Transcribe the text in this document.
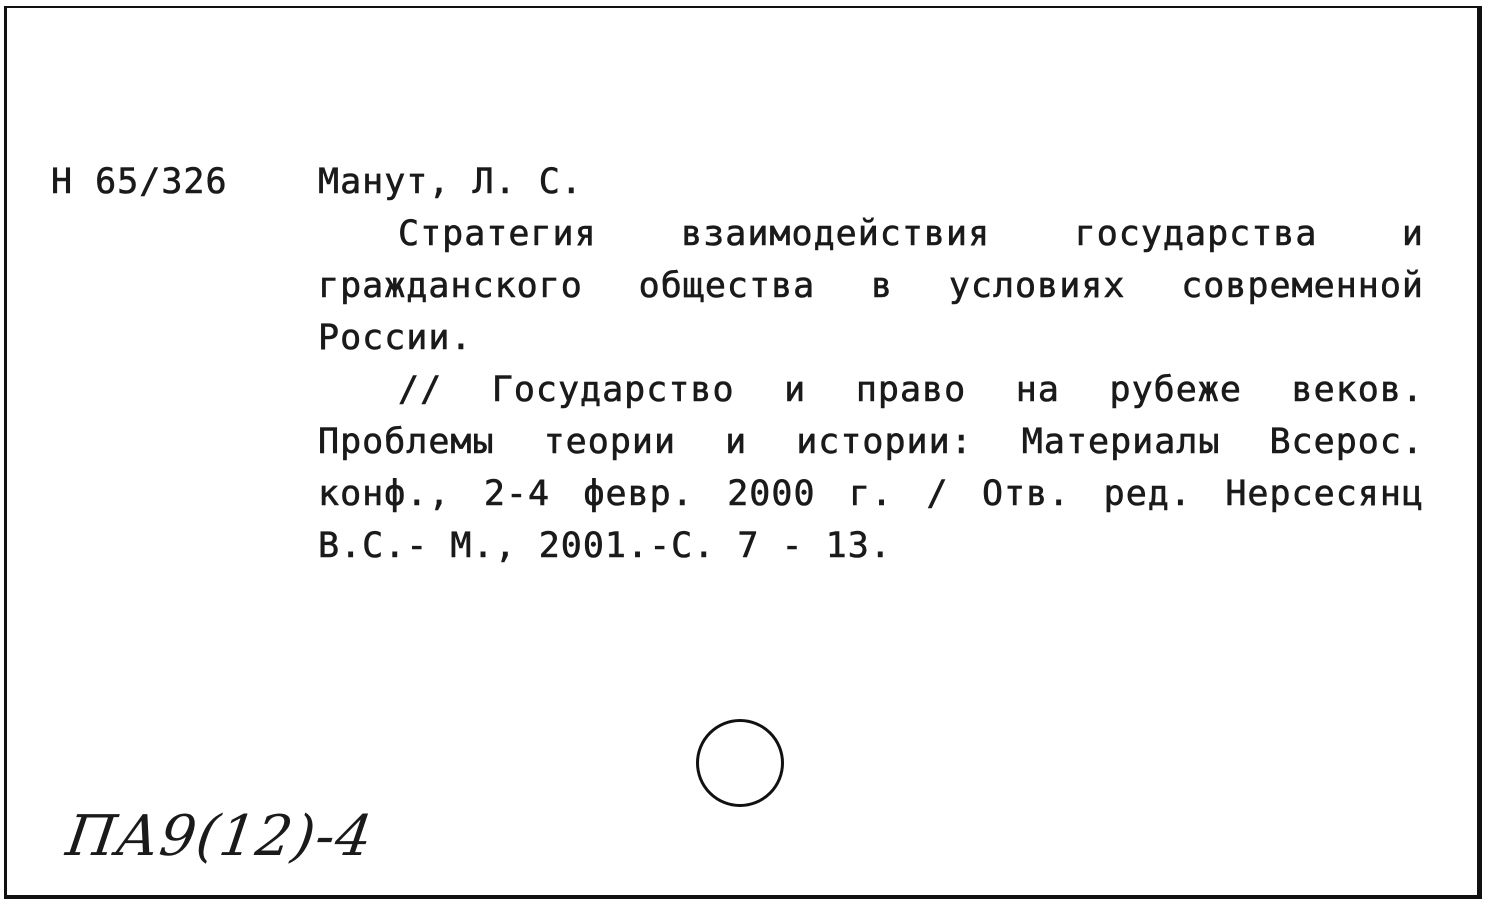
Н 65/326	Манут, Л. С.
Стратегия взаимодействия государства и гражданского общества в условиях современной России.
// Государство и право на рубеже веков. Проблемы теории и истории: Материалы Всерос. конф., 2-4 февр. 2000 г. / Отв. ред. Нерсесянц В.С.- М., 2001.-С. 7 - 13.
ПА9(12)-4
